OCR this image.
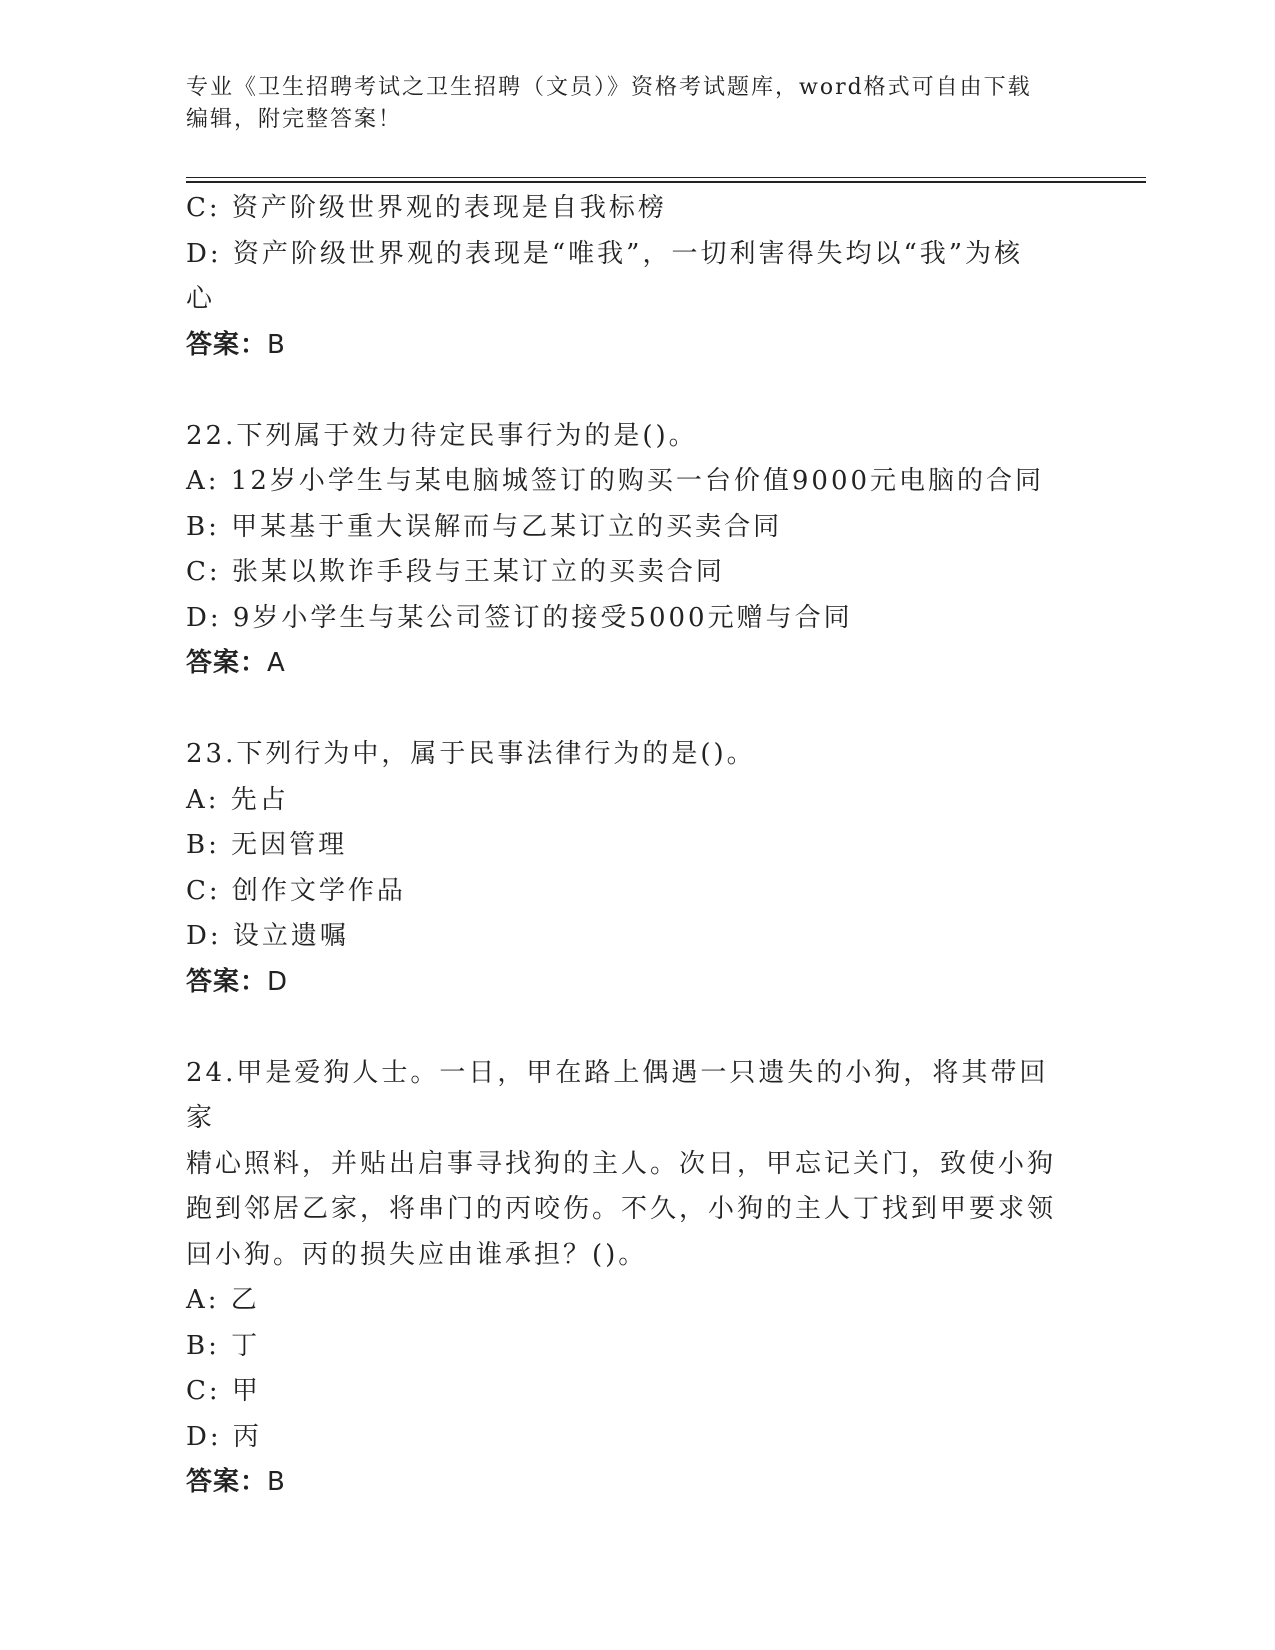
专业《卫生招聘考试之卫生招聘（文员）》资格考试题库，word格式可自由下载
编辑，附完整答案！

C: 资产阶级世界观的表现是自我标榜

D: 资产阶级世界观的表现是“唯我”，一切利害得失均以“我”为核

心

答案：B

22.下列属于效力待定民事行为的是()。

A: 12岁小学生与某电脑城签订的购买一台价值9000元电脑的合同

B: 甲某基于重大误解而与乙某订立的买卖合同

C: 张某以欺诈手段与王某订立的买卖合同

D: 9岁小学生与某公司签订的接受5000元赠与合同

答案：A

23.下列行为中，属于民事法律行为的是()。

A: 先占

B: 无因管理

C: 创作文学作品

D: 设立遗嘱

答案：D

24.甲是爱狗人士。一日，甲在路上偶遇一只遗失的小狗，将其带回家

精心照料，并贴出启事寻找狗的主人。次日，甲忘记关门，致使小狗

跑到邻居乙家，将串门的丙咬伤。不久，小狗的主人丁找到甲要求领

回小狗。丙的损失应由谁承担？()。

A: 乙

B: 丁

C: 甲

D: 丙

答案：B
